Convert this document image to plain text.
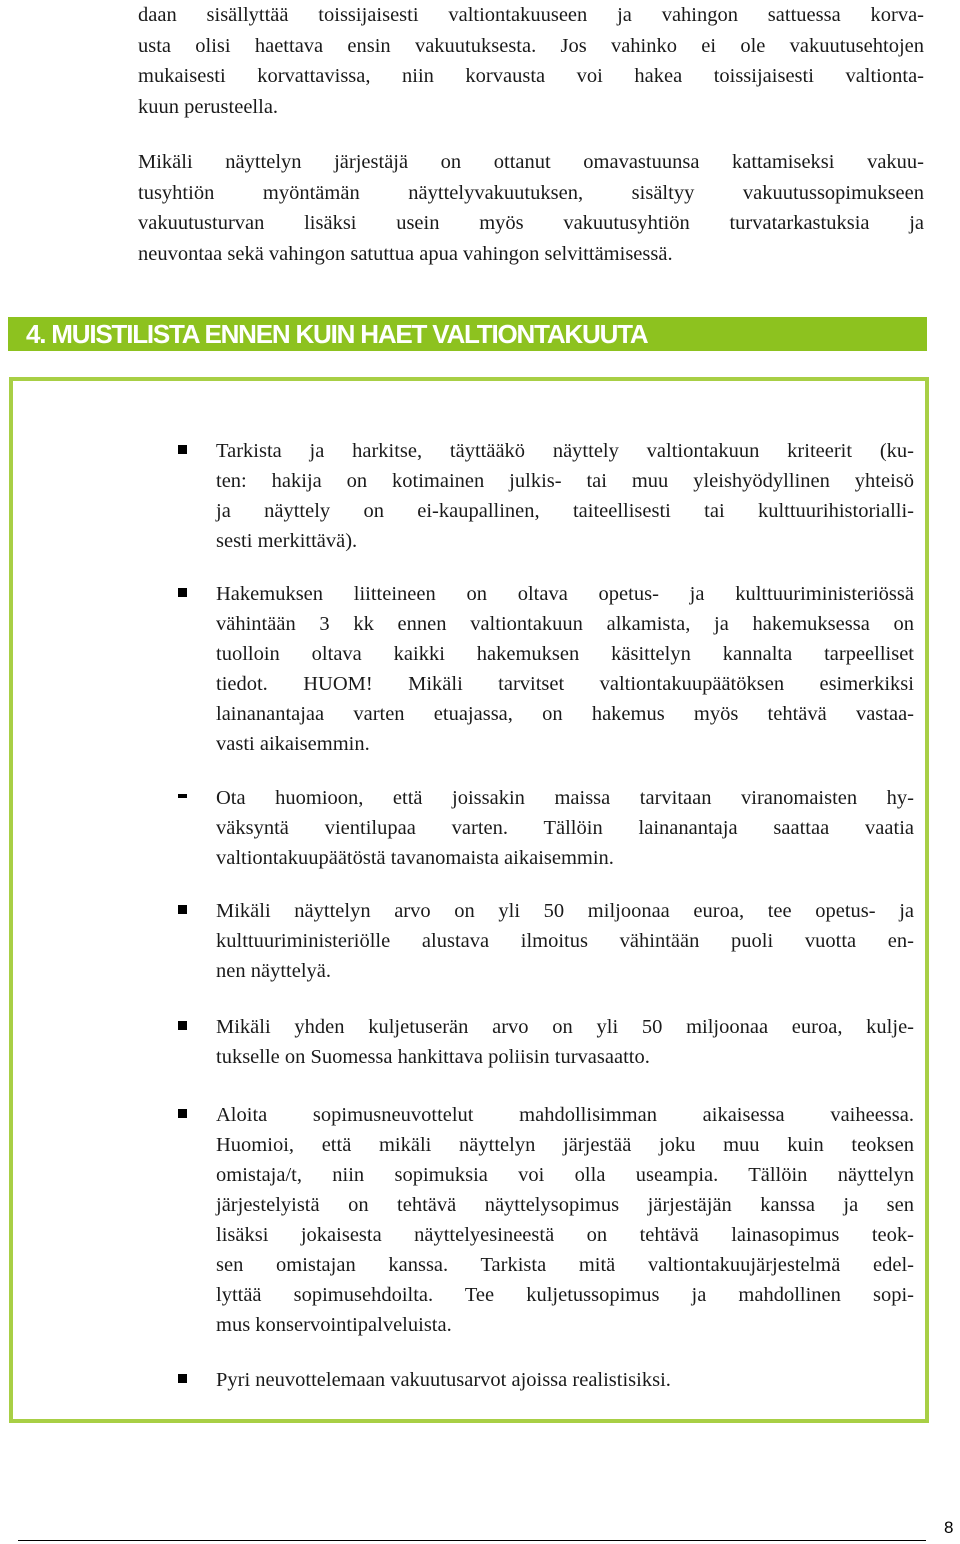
daan sisällyttää toissijaisesti valtiontakuuseen ja vahingon sattuessa korva-
usta olisi haettava ensin vakuutuksesta. Jos vahinko ei ole vakuutusehtojen
mukaisesti korvattavissa, niin korvausta voi hakea toissijaisesti valtionta-
kuun perusteella.
Mikäli näyttelyn järjestäjä on ottanut omavastuunsa kattamiseksi vakuu-
tusyhtiön myöntämän näyttelyvakuutuksen, sisältyy vakuutussopimukseen
vakuutusturvan lisäksi usein myös vakuutusyhtiön turvatarkastuksia ja
neuvontaa sekä vahingon satuttua apua vahingon selvittämisessä.
4. MUISTILISTA ENNEN KUIN HAET VALTIONTAKUUTA
Tarkista ja harkitse, täyttääkö näyttely valtiontakuun kriteerit (ku-
ten: hakija on kotimainen julkis- tai muu yleishyödyllinen yhteisö
ja näyttely on ei-kaupallinen, taiteellisesti tai kulttuurihistorialli-
sesti merkittävä).
Hakemuksen liitteineen on oltava opetus- ja kulttuuriministeriössä
vähintään 3 kk ennen valtiontakuun alkamista, ja hakemuksessa on
tuolloin oltava kaikki hakemuksen käsittelyn kannalta tarpeelliset
tiedot. HUOM! Mikäli tarvitset valtiontakuupäätöksen esimerkiksi
lainanantajaa varten etuajassa, on hakemus myös tehtävä vastaa-
vasti aikaisemmin.
Ota huomioon, että joissakin maissa tarvitaan viranomaisten hy-
väksyntä vientilupaa varten. Tällöin lainanantaja saattaa vaatia
valtiontakuupäätöstä tavanomaista aikaisemmin.
Mikäli näyttelyn arvo on yli 50 miljoonaa euroa, tee opetus- ja
kulttuuriministeriölle alustava ilmoitus vähintään puoli vuotta en-
nen näyttelyä.
Mikäli yhden kuljetuserän arvo on yli 50 miljoonaa euroa, kulje-
tukselle on Suomessa hankittava poliisin turvasaatto.
Aloita sopimusneuvottelut mahdollisimman aikaisessa vaiheessa.
Huomioi, että mikäli näyttelyn järjestää joku muu kuin teoksen
omistaja/t, niin sopimuksia voi olla useampia. Tällöin näyttelyn
järjestelyistä on tehtävä näyttelysopimus järjestäjän kanssa ja sen
lisäksi jokaisesta näyttelyesineestä on tehtävä lainasopimus teok-
sen omistajan kanssa. Tarkista mitä valtiontakuujärjestelmä edel-
lyttää sopimusehdoilta. Tee kuljetussopimus ja mahdollinen sopi-
mus konservointipalveluista.
Pyri neuvottelemaan vakuutusarvot ajoissa realistisiksi.
8
